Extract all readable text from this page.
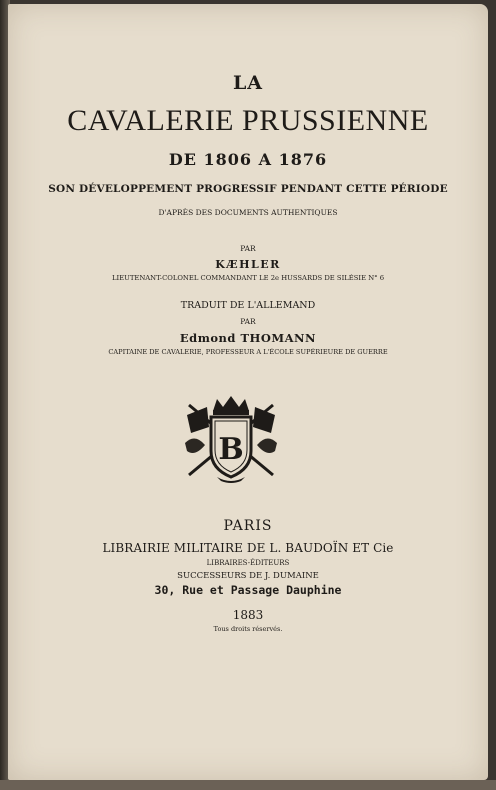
LA
CAVALERIE PRUSSIENNE
DE 1806 A 1876
SON DÉVELOPPEMENT PROGRESSIF PENDANT CETTE PÉRIODE
D'APRÈS DES DOCUMENTS AUTHENTIQUES
PAR
KÆHLER
LIEUTENANT-COLONEL COMMANDANT LE 2e HUSSARDS DE SILÉSIE N° 6
TRADUIT DE L'ALLEMAND
PAR
Edmond THOMANN
CAPITAINE DE CAVALERIE, PROFESSEUR A L'ÉCOLE SUPÉRIEURE DE GUERRE
B
PARIS
LIBRAIRIE MILITAIRE DE L. BAUDOÏN ET Cie
LIBRAIRES-ÉDITEURS
SUCCESSEURS DE J. DUMAINE
30, Rue et Passage Dauphine
1883
Tous droits réservés.
